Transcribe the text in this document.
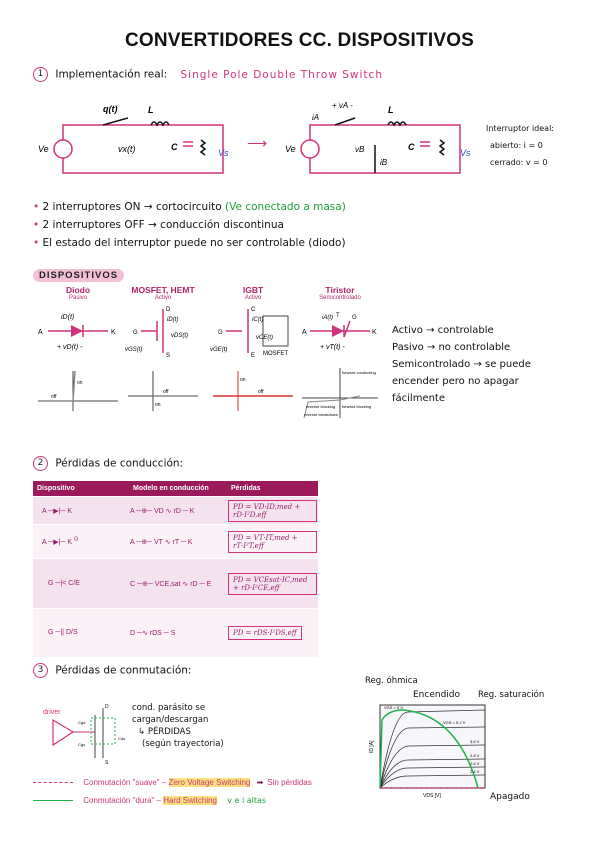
CONVERTIDORES CC. DISPOSITIVOS
1 Implementación real: Single Pole Double Throw Switch
Ve
q(t)	L
vx(t)	C
Vs
⟶ Ve
iA
+ vA -
vB
iB
L
C
Vs
Interruptor ideal:
abierto: i = 0
cerrado: v = 0
• 2 interruptores ON → cortocircuito (Ve conectado a masa)
• 2 interruptores OFF → conducción discontinua
• El estado del interruptor puede no ser controlable (diodo)
DISPOSITIVOS
Diodo
Pasivo
A	K
iD(t)
+ vD(t) -

off
on
MOSFET, HEMT
Activo
D
G
S
iD(t)
vDS(t)
vGS(t)

off
on
IGBT
Activo
C
G
E
iC(t)
vCE(t)
vGE(t)
MOSFET

off
on
Tiristor
Semicontrolado
A	K
iA(t) T G
+ vT(t) -

forward conducting
reverse blocking forward blocking
reverse breakdown
Activo → controlable
Pasivo → no controlable
Semicontrolado → se puede
encender pero no apagar
fácilmente
2 Pérdidas de conducción:
Dispositivo	Modelo en conducción	Pérdidas
A ─▶|─ K	A ─⊕─ VD ∿ rD ─ K	PD = VD·ID,med + rD·I²D,eff
A ─▶|─ K $^G$	A ─⊕─ VT ∿ rT ─ K	PD = VT·IT,med + rT·I²T,eff
G ─|< C/E	C ─⊕─ VCE,sat ∿ rD ─ E	PD = VCEsat·IC,med + rD·I²CE,eff
G ─|| D/S	D ─∿ rDS ─ S	PD = rDS·I²DS,eff
3 Pérdidas de conmutación:
driver
Cgd
Cgs
Cds
D
S
cond. parásito se
cargan/descargan
↳ PÉRDIDAS
(según trayectoria)
Conmutación "suave" – Zero Voltage Switching ➡ Sin pérdidas
Conmutación "dura" – Hard Switching v e i altas
Reg. óhmica
Encendido Reg. saturación
VGS = 5 V
VGS = 5.2 V
3.6 V
2.8 V
2.6 V
2.4 V
VDS [V]
ID [A]
Apagado
